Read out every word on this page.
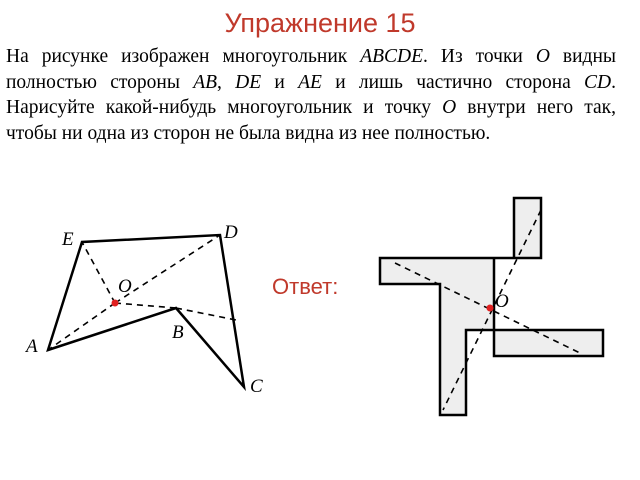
Упражнение 15
На рисунке изображен многоугольник ABCDE. Из точки O видны полностью стороны AB, DE и AE и лишь частично сторона CD. Нарисуйте какой-нибудь многоугольник и точку O внутри него так, чтобы ни одна из сторон не была видна из нее полностью.
A
B
C
D
E
O	Ответ:
O
